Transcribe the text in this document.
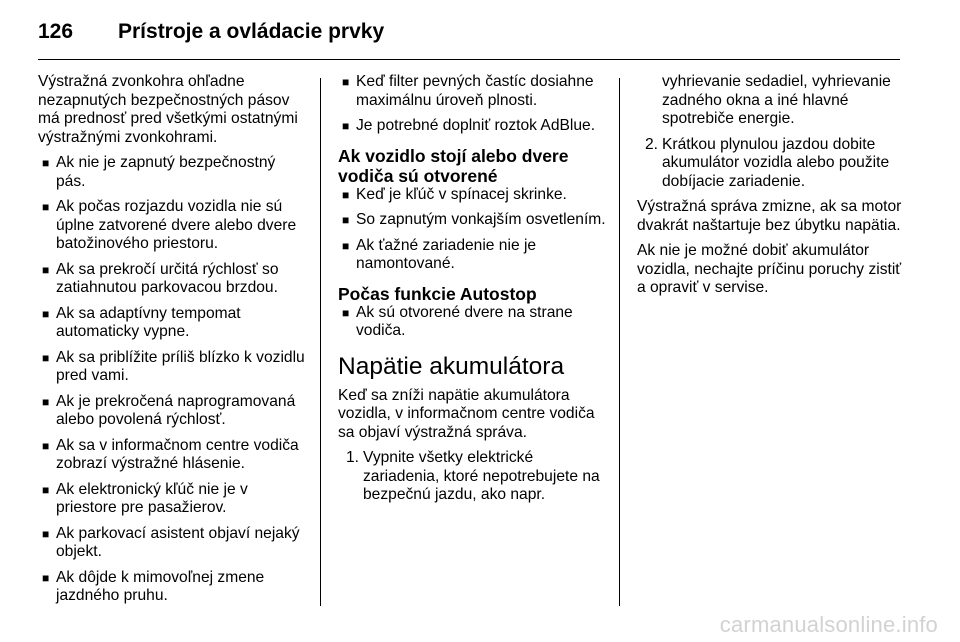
126	Prístroje a ovládacie prvky

Výstražná zvonkohra ohľadne nezapnutých bezpečnostných pásov má prednosť pred všetkými ostatnými výstražnými zvonkohrami.

■ Ak nie je zapnutý bezpečnostný pás.
■ Ak počas rozjazdu vozidla nie sú úplne zatvorené dvere alebo dvere batožinového priestoru.
■ Ak sa prekročí určitá rýchlosť so zatiahnutou parkovacou brzdou.
■ Ak sa adaptívny tempomat automaticky vypne.
■ Ak sa priblížite príliš blízko k vozidlu pred vami.
■ Ak je prekročená naprogramovaná alebo povolená rýchlosť.
■ Ak sa v informačnom centre vodiča zobrazí výstražné hlásenie.
■ Ak elektronický kľúč nie je v priestore pre pasažierov.
■ Ak parkovací asistent objaví nejaký objekt.
■ Ak dôjde k mimovoľnej zmene jazdného pruhu.
■ Keď filter pevných častíc dosiahne maximálnu úroveň plnosti.
■ Je potrebné doplniť roztok AdBlue.
Ak vozidlo stojí alebo dvere vodiča sú otvorené
■ Keď je kľúč v spínacej skrinke.
■ So zapnutým vonkajším osvetlením.
■ Ak ťažné zariadenie nie je namontované.
Počas funkcie Autostop
■ Ak sú otvorené dvere na strane vodiča.
Napätie akumulátora

Keď sa zníži napätie akumulátora vozidla, v informačnom centre vodiča sa objaví výstražná správa.

1. Vypnite všetky elektrické zariadenia, ktoré nepotrebujete na bezpečnú jazdu, ako napr.
vyhrievanie sedadiel, vyhrievanie zadného okna a iné hlavné spotrebiče energie.
2. Krátkou plynulou jazdou dobite akumulátor vozidla alebo použite dobíjacie zariadenie.

Výstražná správa zmizne, ak sa motor dvakrát naštartuje bez úbytku napätia.

Ak nie je možné dobiť akumulátor vozidla, nechajte príčinu poruchy zistiť a opraviť v servise.

carmanualsonline.info
